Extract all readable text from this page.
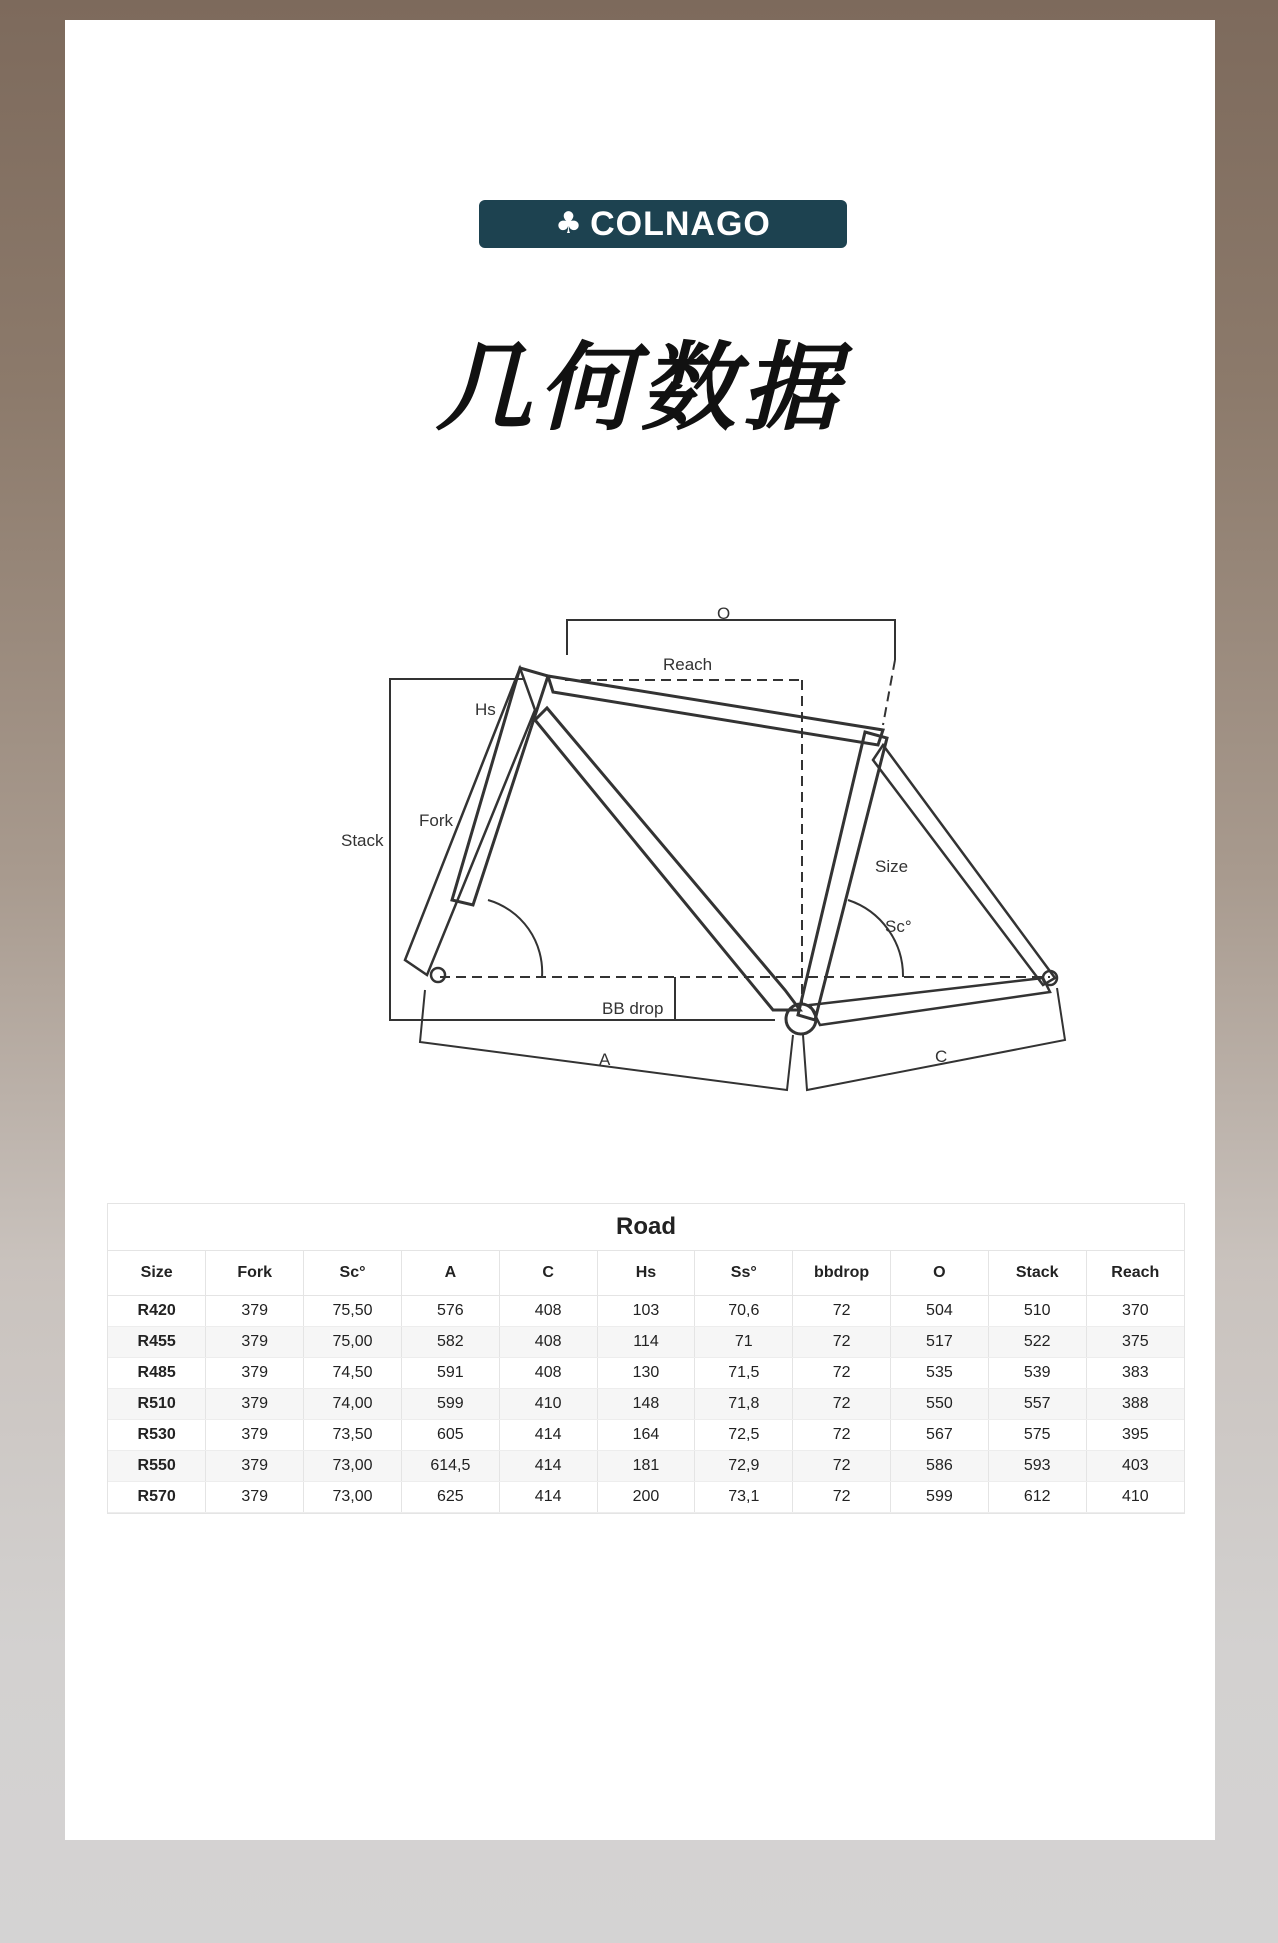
♣ COLNAGO
几何数据
O
Reach
Hs
Fork
Stack
Size
Sc°
BB drop
A	C
Road
Size	Fork	Sc°	A	C	Hs	Ss°	bbdrop	O	Stack	Reach
R420	379	75,50	576	408	103	70,6	72	504	510	370
R455	379	75,00	582	408	114	71	72	517	522	375
R485	379	74,50	591	408	130	71,5	72	535	539	383
R510	379	74,00	599	410	148	71,8	72	550	557	388
R530	379	73,50	605	414	164	72,5	72	567	575	395
R550	379	73,00	614,5	414	181	72,9	72	586	593	403
R570	379	73,00	625	414	200	73,1	72	599	612	410
